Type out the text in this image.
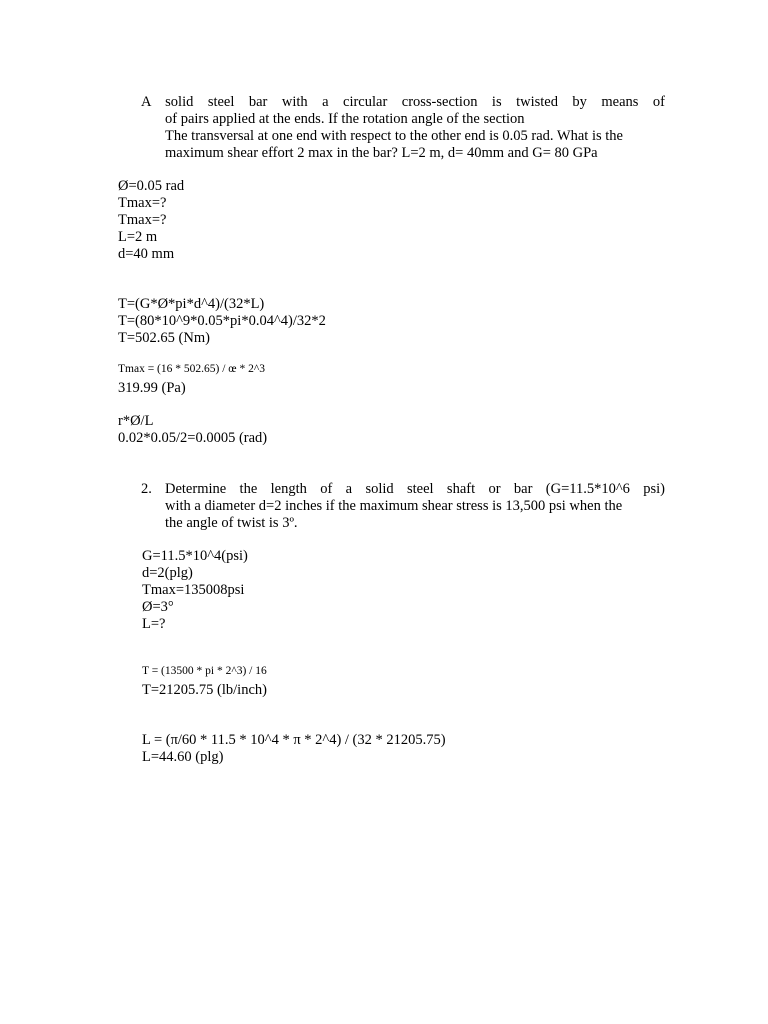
A solid steel bar with a circular cross-section is twisted by means of
of pairs applied at the ends. If the rotation angle of the section
The transversal at one end with respect to the other end is 0.05 rad. What is the
maximum shear effort 2 max in the bar? L=2 m, d= 40mm and G= 80 GPa
Ø=0.05 rad
Tmax=?
Tmax=?
L=2 m
d=40 mm
T=(G*Ø*pi*d^4)/(32*L)
T=(80*10^9*0.05*pi*0.04^4)/32*2
T=502.65 (Nm)
Tmax = (16 * 502.65) / œ * 2^3
319.99 (Pa)
r*Ø/L
0.02*0.05/2=0.0005 (rad)
2. Determine the length of a solid steel shaft or bar (G=11.5*10^6 psi)
with a diameter d=2 inches if the maximum shear stress is 13,500 psi when the
the angle of twist is 3º.
G=11.5*10^4(psi)
d=2(plg)
Tmax=135008psi
Ø=3°
L=?
T = (13500 * pi * 2^3) / 16
T=21205.75 (lb/inch)
L = (π/60 * 11.5 * 10^4 * π * 2^4) / (32 * 21205.75)
L=44.60 (plg)
